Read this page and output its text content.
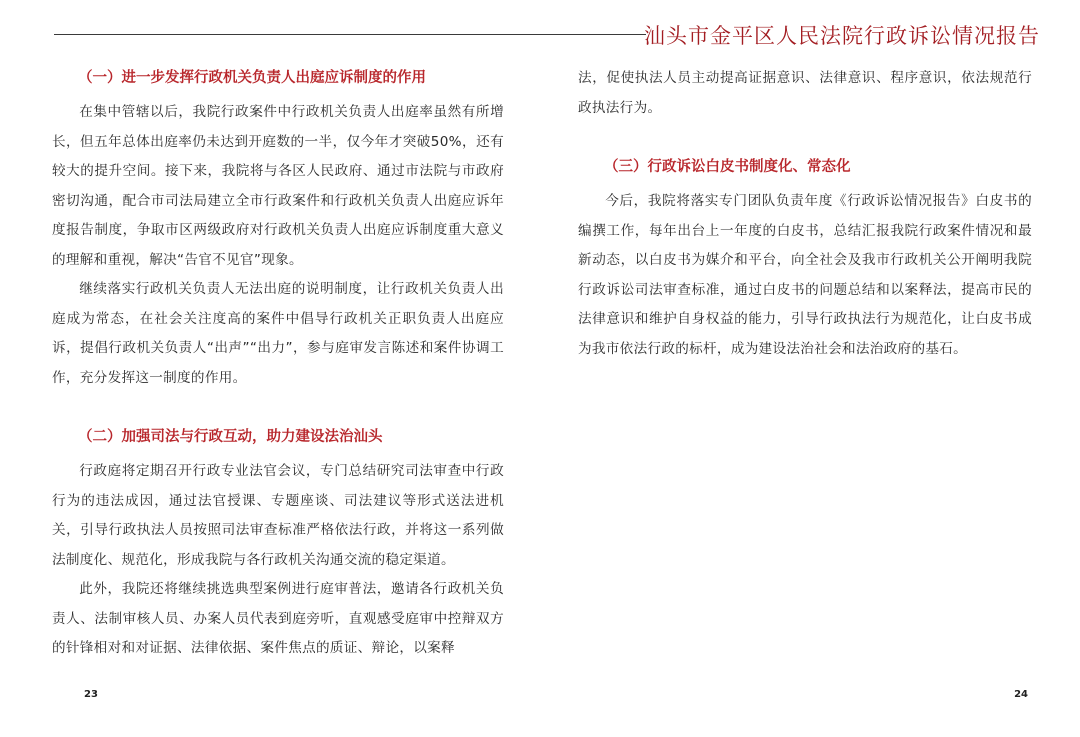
汕头市金平区人民法院行政诉讼情况报告
（一）进一步发挥行政机关负责人出庭应诉制度的作用

在集中管辖以后，我院行政案件中行政机关负责人出庭率虽然有所增长，但五年总体出庭率仍未达到开庭数的一半，仅今年才突破50%，还有较大的提升空间。接下来，我院将与各区人民政府、通过市法院与市政府密切沟通，配合市司法局建立全市行政案件和行政机关负责人出庭应诉年度报告制度，争取市区两级政府对行政机关负责人出庭应诉制度重大意义的理解和重视，解决“告官不见官”现象。

继续落实行政机关负责人无法出庭的说明制度，让行政机关负责人出庭成为常态，在社会关注度高的案件中倡导行政机关正职负责人出庭应诉，提倡行政机关负责人“出声”“出力”，参与庭审发言陈述和案件协调工作，充分发挥这一制度的作用。

（二）加强司法与行政互动，助力建设法治汕头

行政庭将定期召开行政专业法官会议，专门总结研究司法审查中行政行为的违法成因，通过法官授课、专题座谈、司法建议等形式送法进机关，引导行政执法人员按照司法审查标准严格依法行政，并将这一系列做法制度化、规范化，形成我院与各行政机关沟通交流的稳定渠道。

此外，我院还将继续挑选典型案例进行庭审普法，邀请各行政机关负责人、法制审核人员、办案人员代表到庭旁听，直观感受庭审中控辩双方的针锋相对和对证据、法律依据、案件焦点的质证、辩论，以案释

法，促使执法人员主动提高证据意识、法律意识、程序意识，依法规范行政执法行为。

（三）行政诉讼白皮书制度化、常态化

今后，我院将落实专门团队负责年度《行政诉讼情况报告》白皮书的编撰工作，每年出台上一年度的白皮书，总结汇报我院行政案件情况和最新动态，以白皮书为媒介和平台，向全社会及我市行政机关公开阐明我院行政诉讼司法审查标准，通过白皮书的问题总结和以案释法，提高市民的法律意识和维护自身权益的能力，引导行政执法行为规范化，让白皮书成为我市依法行政的标杆，成为建设法治社会和法治政府的基石。

23	24
